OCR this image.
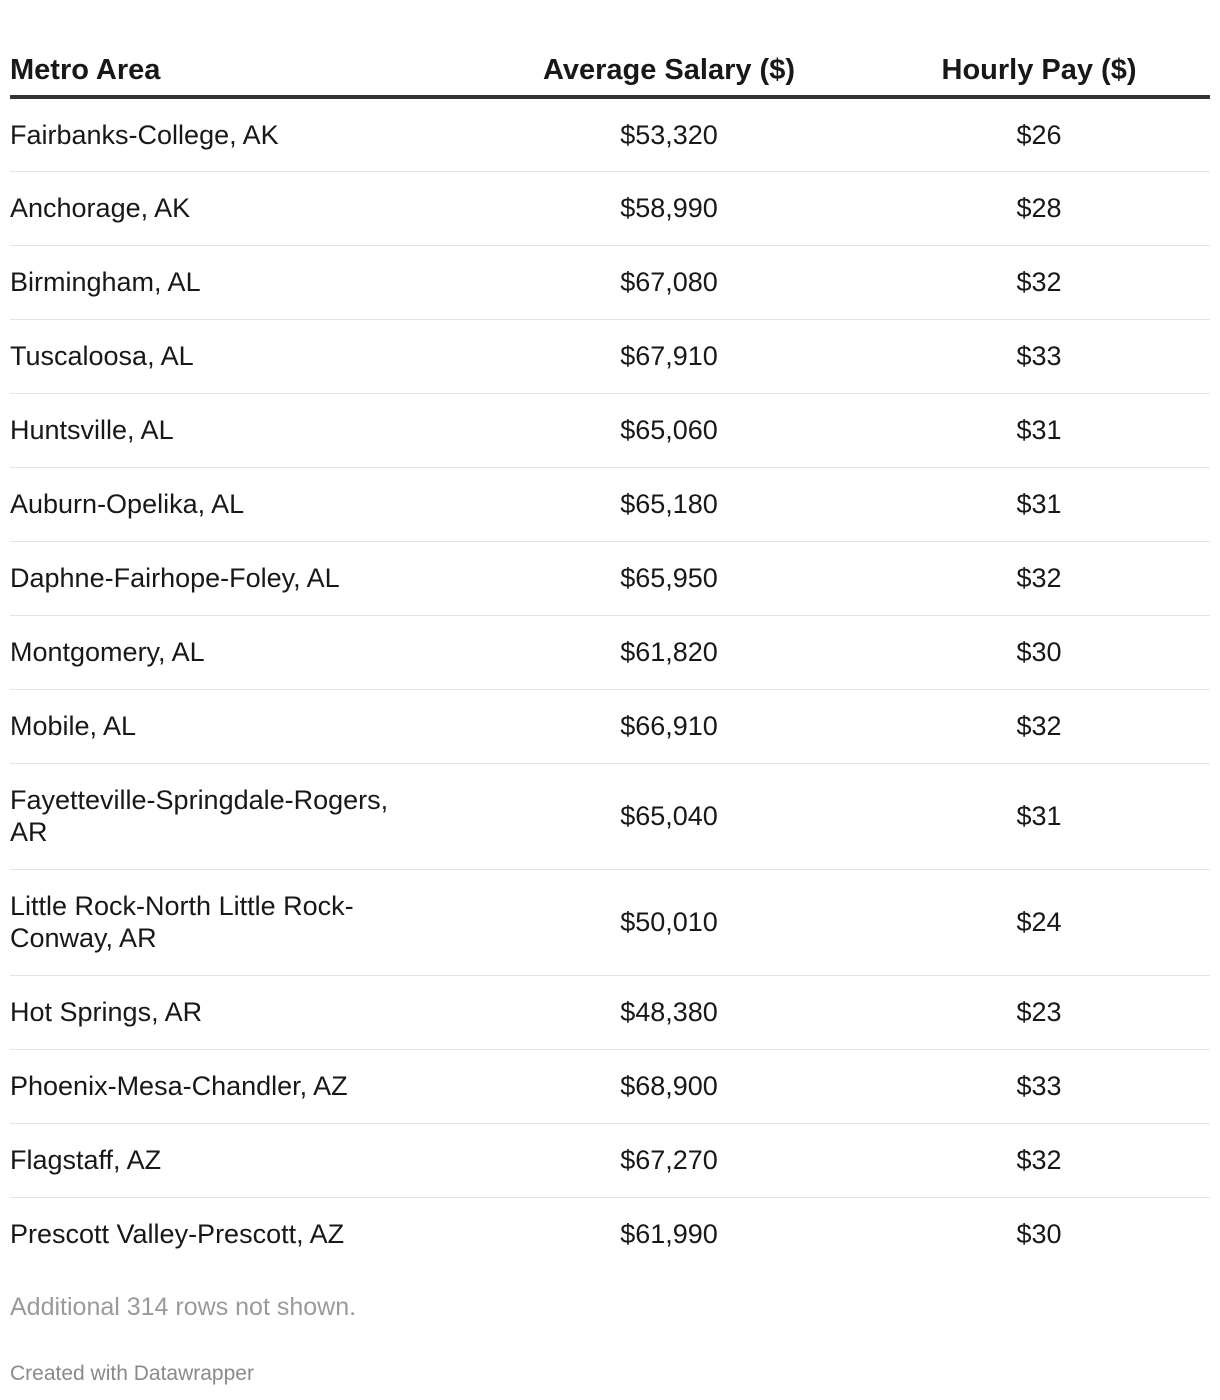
Metro Area	Average Salary ($)	Hourly Pay ($)
Fairbanks-College, AK	$53,320	$26
Anchorage, AK	$58,990	$28
Birmingham, AL	$67,080	$32
Tuscaloosa, AL	$67,910	$33
Huntsville, AL	$65,060	$31
Auburn-Opelika, AL	$65,180	$31
Daphne-Fairhope-Foley, AL	$65,950	$32
Montgomery, AL	$61,820	$30
Mobile, AL	$66,910	$32
Fayetteville-Springdale-Rogers, AR	$65,040	$31
Little Rock-North Little Rock-Conway, AR	$50,010	$24
Hot Springs, AR	$48,380	$23
Phoenix-Mesa-Chandler, AZ	$68,900	$33
Flagstaff, AZ	$67,270	$32
Prescott Valley-Prescott, AZ	$61,990	$30
Additional 314 rows not shown.
Created with Datawrapper
